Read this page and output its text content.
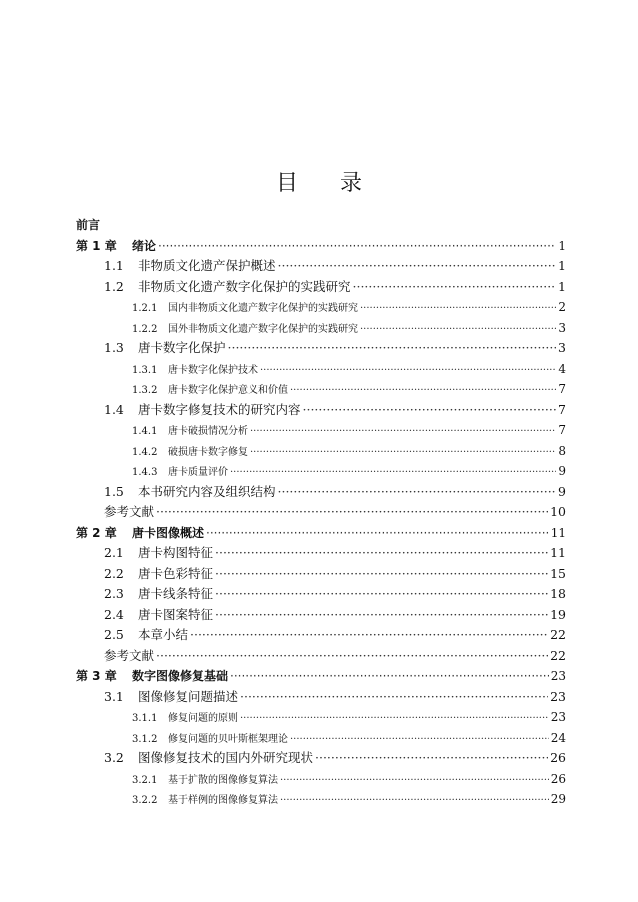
目 录
前言
第 1 章	绪论 ·····	1
1.1	非物质文化遗产保护概述 ·····	1
1.2	非物质文化遗产数字化保护的实践研究 ·····	1
1.2.1	国内非物质文化遗产数字化保护的实践研究 ·····	2
1.2.2	国外非物质文化遗产数字化保护的实践研究 ·····	3
1.3	唐卡数字化保护 ·····	3
1.3.1	唐卡数字化保护技术 ·····	4
1.3.2	唐卡数字化保护意义和价值 ·····	7
1.4	唐卡数字修复技术的研究内容 ·····	7
1.4.1	唐卡破损情况分析 ·····	7
1.4.2	破损唐卡数字修复 ·····	8
1.4.3	唐卡质量评价 ·····	9
1.5	本书研究内容及组织结构 ·····	9
参考文献 ·····	10
第 2 章	唐卡图像概述 ·····	11
2.1	唐卡构图特征 ·····	11
2.2	唐卡色彩特征 ·····	15
2.3	唐卡线条特征 ·····	18
2.4	唐卡图案特征 ·····	19
2.5	本章小结 ·····	22
参考文献 ·····	22
第 3 章	数字图像修复基础 ·····	23
3.1	图像修复问题描述 ·····	23
3.1.1	修复问题的原则 ·····	23
3.1.2	修复问题的贝叶斯框架理论 ·····	24
3.2	图像修复技术的国内外研究现状 ·····	26
3.2.1	基于扩散的图像修复算法 ·····	26
3.2.2	基于样例的图像修复算法 ·····	29
